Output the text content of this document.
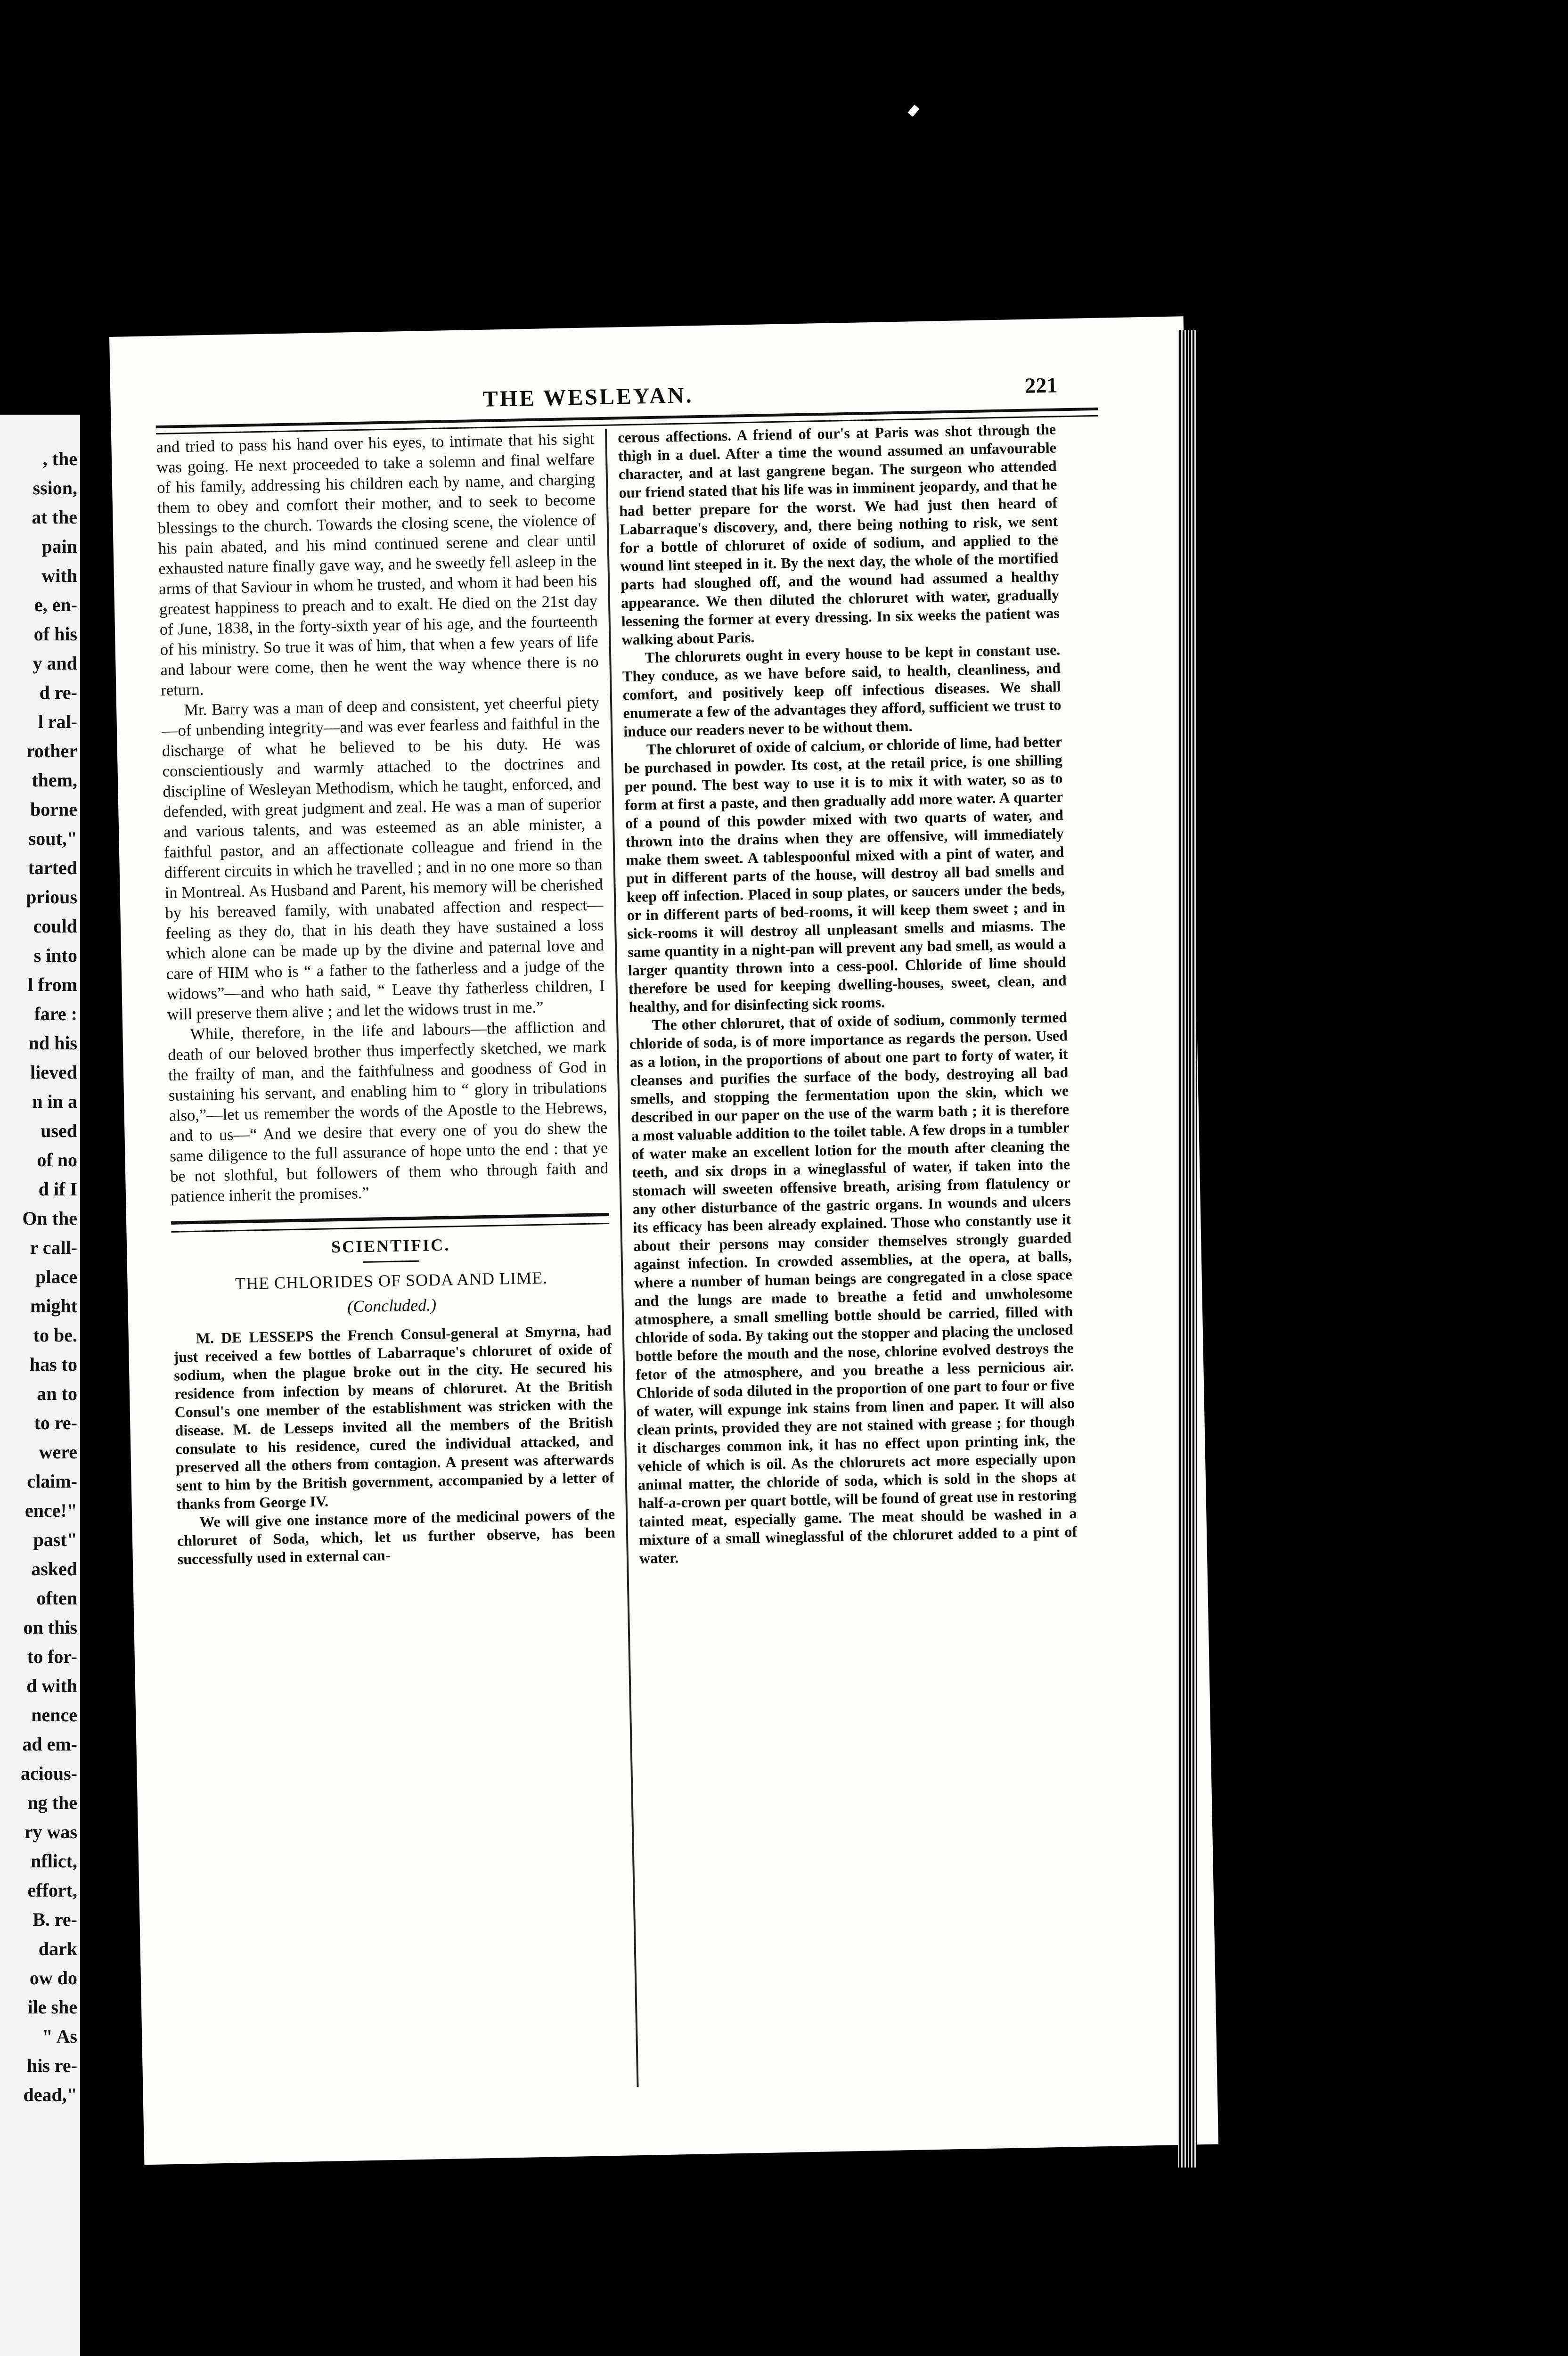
, the
ssion,
at the
pain
with
e, en-
of his
y and
d re-
l ral-
rother
them,
borne
sout,"
tarted
prious
could
s into
l from
fare :
nd his
lieved
n in a
used
of no
d if I
On the
r call-
place
might
to be.
has to
an to
to re-
were
claim-
ence!"
past"
asked
often
on this
to for-
d with
nence
ad em-
acious-
ng the
ry was
nflict,
effort,
B. re-
dark
ow do
ile she
" As
his re-
dead,"
THE WESLEYAN.	221

and tried to pass his hand over his eyes, to intimate that his sight was going. He next proceeded to take a solemn and final welfare of his family, addressing his children each by name, and charging them to obey and comfort their mother, and to seek to become blessings to the church. Towards the closing scene, the violence of his pain abated, and his mind continued serene and clear until exhausted nature finally gave way, and he sweetly fell asleep in the arms of that Saviour in whom he trusted, and whom it had been his greatest happiness to preach and to exalt. He died on the 21st day of June, 1838, in the forty-sixth year of his age, and the fourteenth of his ministry. So true it was of him, that when a few years of life and labour were come, then he went the way whence there is no return.

Mr. Barry was a man of deep and consistent, yet cheerful piety—of unbending integrity—and was ever fearless and faithful in the discharge of what he believed to be his duty. He was conscientiously and warmly attached to the doctrines and discipline of Wesleyan Methodism, which he taught, enforced, and defended, with great judgment and zeal. He was a man of superior and various talents, and was esteemed as an able minister, a faithful pastor, and an affectionate colleague and friend in the different circuits in which he travelled ; and in no one more so than in Montreal. As Husband and Parent, his memory will be cherished by his bereaved family, with unabated affection and respect—feeling as they do, that in his death they have sustained a loss which alone can be made up by the divine and paternal love and care of HIM who is “ a father to the fatherless and a judge of the widows”—and who hath said, “ Leave thy fatherless children, I will preserve them alive ; and let the widows trust in me.”

While, therefore, in the life and labours—the affliction and death of our beloved brother thus imperfectly sketched, we mark the frailty of man, and the faithfulness and goodness of God in sustaining his servant, and enabling him to “ glory in tribulations also,”—let us remember the words of the Apostle to the Hebrews, and to us—“ And we desire that every one of you do shew the same diligence to the full assurance of hope unto the end : that ye be not slothful, but followers of them who through faith and patience inherit the promises.”

SCIENTIFIC.
THE CHLORIDES OF SODA AND LIME.
(Concluded.)

M. DE LESSEPS the French Consul-general at Smyrna, had just received a few bottles of Labarraque's chloruret of oxide of sodium, when the plague broke out in the city. He secured his residence from infection by means of chloruret. At the British Consul's one member of the establishment was stricken with the disease. M. de Lesseps invited all the members of the British consulate to his residence, cured the individual attacked, and preserved all the others from contagion. A present was afterwards sent to him by the British government, accompanied by a letter of thanks from George IV.

We will give one instance more of the medicinal powers of the chloruret of Soda, which, let us further observe, has been successfully used in external can-

cerous affections. A friend of our's at Paris was shot through the thigh in a duel. After a time the wound assumed an unfavourable character, and at last gangrene began. The surgeon who attended our friend stated that his life was in imminent jeopardy, and that he had better prepare for the worst. We had just then heard of Labarraque's discovery, and, there being nothing to risk, we sent for a bottle of chloruret of oxide of sodium, and applied to the wound lint steeped in it. By the next day, the whole of the mortified parts had sloughed off, and the wound had assumed a healthy appearance. We then diluted the chloruret with water, gradually lessening the former at every dressing. In six weeks the patient was walking about Paris.

The chlorurets ought in every house to be kept in constant use. They conduce, as we have before said, to health, cleanliness, and comfort, and positively keep off infectious diseases. We shall enumerate a few of the advantages they afford, sufficient we trust to induce our readers never to be without them.

The chloruret of oxide of calcium, or chloride of lime, had better be purchased in powder. Its cost, at the retail price, is one shilling per pound. The best way to use it is to mix it with water, so as to form at first a paste, and then gradually add more water. A quarter of a pound of this powder mixed with two quarts of water, and thrown into the drains when they are offensive, will immediately make them sweet. A tablespoonful mixed with a pint of water, and put in different parts of the house, will destroy all bad smells and keep off infection. Placed in soup plates, or saucers under the beds, or in different parts of bed-rooms, it will keep them sweet ; and in sick-rooms it will destroy all unpleasant smells and miasms. The same quantity in a night-pan will prevent any bad smell, as would a larger quantity thrown into a cess-pool. Chloride of lime should therefore be used for keeping dwelling-houses, sweet, clean, and healthy, and for disinfecting sick rooms.

The other chloruret, that of oxide of sodium, commonly termed chloride of soda, is of more importance as regards the person. Used as a lotion, in the proportions of about one part to forty of water, it cleanses and purifies the surface of the body, destroying all bad smells, and stopping the fermentation upon the skin, which we described in our paper on the use of the warm bath ; it is therefore a most valuable addition to the toilet table. A few drops in a tumbler of water make an excellent lotion for the mouth after cleaning the teeth, and six drops in a wineglassful of water, if taken into the stomach will sweeten offensive breath, arising from flatulency or any other disturbance of the gastric organs. In wounds and ulcers its efficacy has been already explained. Those who constantly use it about their persons may consider themselves strongly guarded against infection. In crowded assemblies, at the opera, at balls, where a number of human beings are congregated in a close space and the lungs are made to breathe a fetid and unwholesome atmosphere, a small smelling bottle should be carried, filled with chloride of soda. By taking out the stopper and placing the unclosed bottle before the mouth and the nose, chlorine evolved destroys the fetor of the atmosphere, and you breathe a less pernicious air. Chloride of soda diluted in the proportion of one part to four or five of water, will expunge ink stains from linen and paper. It will also clean prints, provided they are not stained with grease ; for though it discharges common ink, it has no effect upon printing ink, the vehicle of which is oil. As the chlorurets act more especially upon animal matter, the chloride of soda, which is sold in the shops at half-a-crown per quart bottle, will be found of great use in restoring tainted meat, especially game. The meat should be washed in a mixture of a small wineglassful of the chloruret added to a pint of water.
